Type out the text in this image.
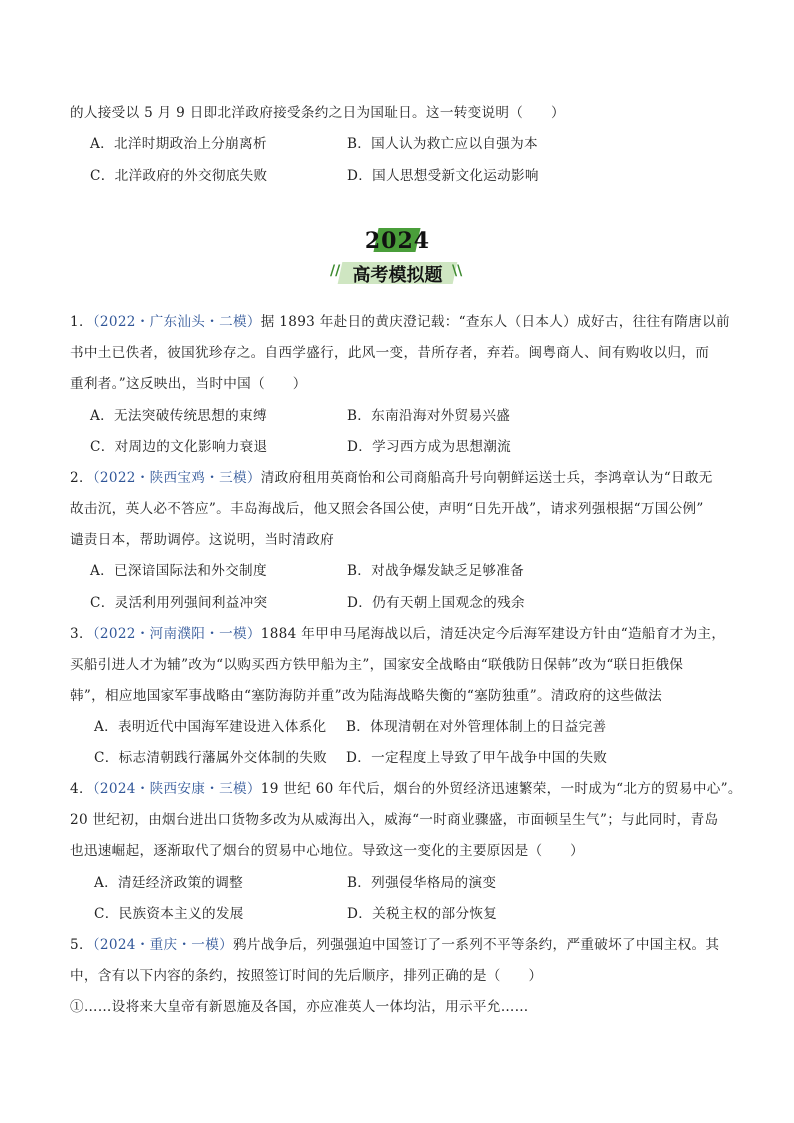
的人接受以 5 月 9 日即北洋政府接受条约之日为国耻日。这一转变说明（　　）
A．北洋时期政治上分崩离析	B．国人认为救亡应以自强为本
C．北洋政府的外交彻底失败	D．国人思想受新文化运动影响
2024
// 高考模拟题 \\
1．（2022・广东汕头・二模）据 1893 年赴日的黄庆澄记载：“查东人（日本人）成好古，往往有隋唐以前
书中土已佚者，彼国犹珍存之。自西学盛行，此风一变，昔所存者，弃若。闽粤商人、间有购收以归，而
重利者。”这反映出，当时中国（　　）
A．无法突破传统思想的束缚	B．东南沿海对外贸易兴盛
C．对周边的文化影响力衰退	D．学习西方成为思想潮流
2．（2022・陕西宝鸡・三模）清政府租用英商怡和公司商船高升号向朝鲜运送士兵，李鸿章认为“日敢无
故击沉，英人必不答应”。丰岛海战后，他又照会各国公使，声明“日先开战”，请求列强根据“万国公例”
谴责日本，帮助调停。这说明，当时清政府
A．已深谙国际法和外交制度	B．对战争爆发缺乏足够准备
C．灵活利用列强间利益冲突	D．仍有天朝上国观念的残余
3．（2022・河南濮阳・一模）1884 年甲申马尾海战以后，清廷决定今后海军建设方针由“造船育才为主，
买船引进人才为辅”改为“以购买西方铁甲船为主”，国家安全战略由“联俄防日保韩”改为“联日拒俄保
韩”，相应地国家军事战略由“塞防海防并重”改为陆海战略失衡的“塞防独重”。清政府的这些做法
A．表明近代中国海军建设进入体系化 B．体现清朝在对外管理体制上的日益完善
C．标志清朝践行藩属外交体制的失败 D．一定程度上导致了甲午战争中国的失败
4．（2024・陕西安康・三模）19 世纪 60 年代后，烟台的外贸经济迅速繁荣，一时成为“北方的贸易中心”。
20 世纪初，由烟台进出口货物多改为从威海出入，威海“一时商业骤盛，市面顿呈生气”；与此同时，青岛
也迅速崛起，逐渐取代了烟台的贸易中心地位。导致这一变化的主要原因是（　　）
A．清廷经济政策的调整	B．列强侵华格局的演变
C．民族资本主义的发展	D．关税主权的部分恢复
5．（2024・重庆・一模）鸦片战争后，列强强迫中国签订了一系列不平等条约，严重破坏了中国主权。其
中，含有以下内容的条约，按照签订时间的先后顺序，排列正确的是（　　）
①……设将来大皇帝有新恩施及各国，亦应准英人一体均沾，用示平允……
